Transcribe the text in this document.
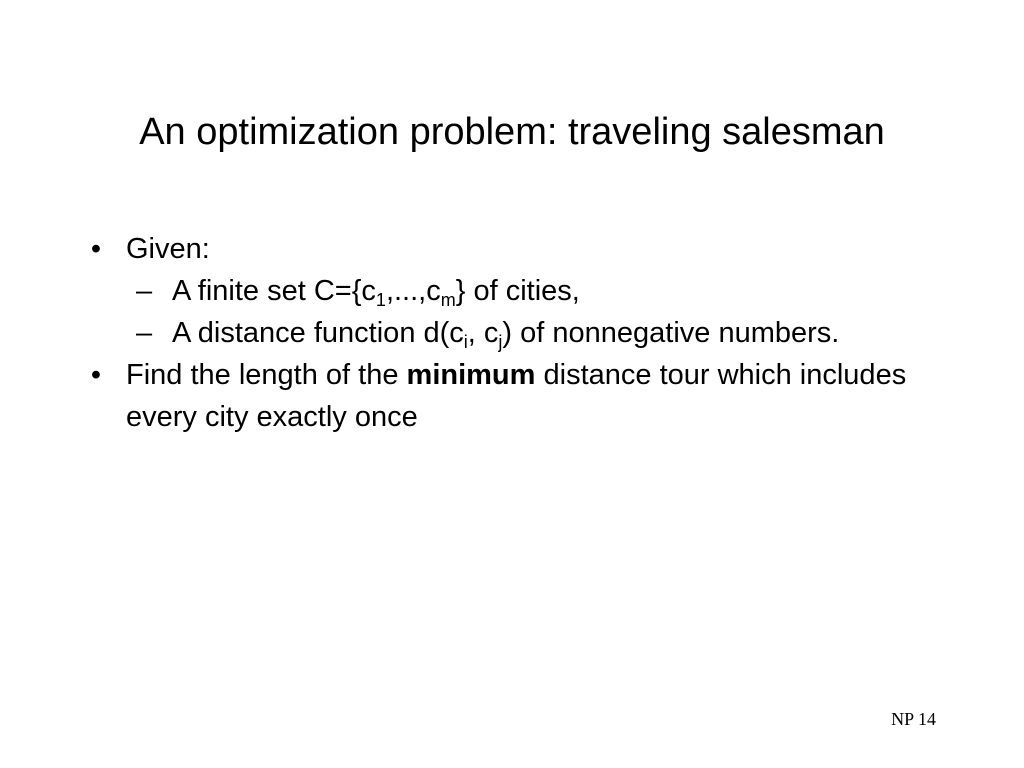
An optimization problem: traveling salesman
• Given:
– A finite set $C=\{c_1,...,c_m\}$ of cities,
– A distance function $d(c_i$, $c_j$) of nonnegative numbers.
• Find the length of the minimum distance tour which includes every city exactly once
NP 14
